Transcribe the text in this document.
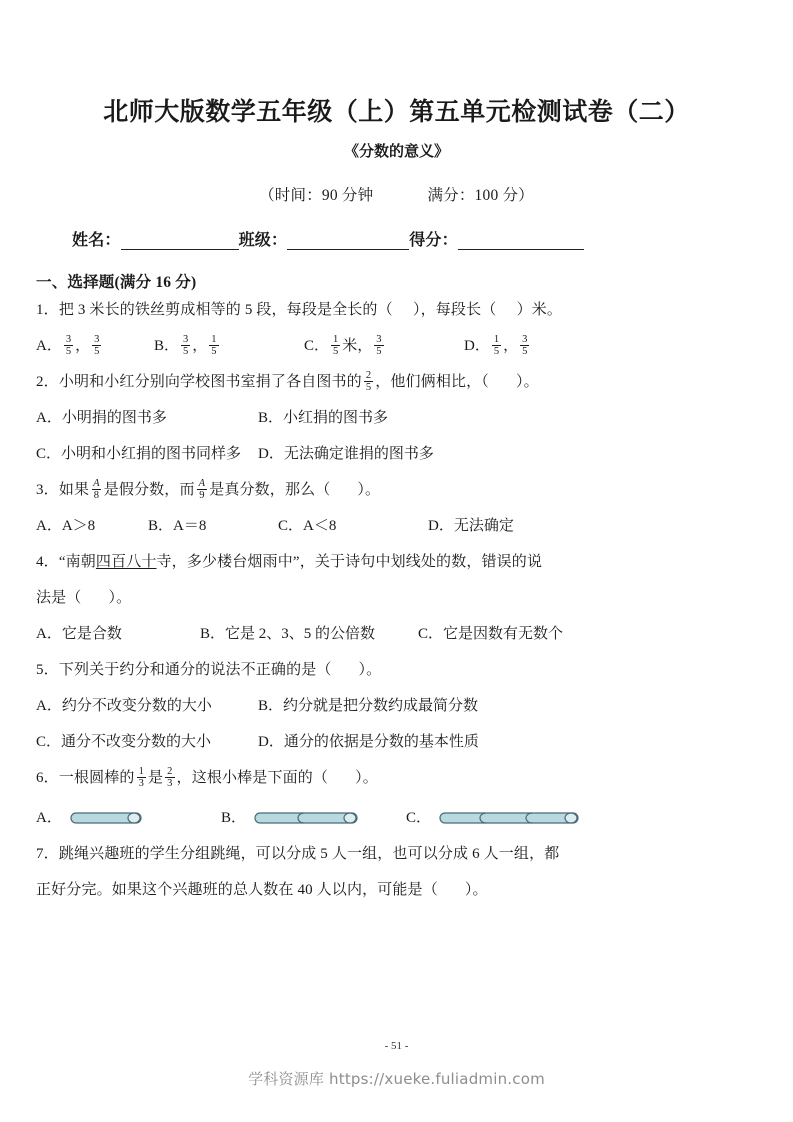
北师大版数学五年级（上）第五单元检测试卷（二）
《分数的意义》
（时间：90 分钟	满分：100 分）
姓名：	班级：	得分：
一、选择题(满分 16 分)
1．把 3 米长的铁丝剪成相等的 5 段，每段是全长的（ ），每段长（ ）米。
A． $\frac{3}{5}$ ， $\frac{3}{5}$	B． $\frac{3}{5}$ ， $\frac{1}{5}$	C． $\frac{1}{5}$ 米， $\frac{3}{5}$	D． $\frac{1}{5}$ ， $\frac{3}{5}$
2．小明和小红分别向学校图书室捐了各自图书的 $\frac{2}{5}$ ，他们俩相比，（ ）。
A．小明捐的图书多	B．小红捐的图书多
C．小明和小红捐的图书同样多	D．无法确定谁捐的图书多
3．如果 $\frac{A}{8}$ 是假分数，而 $\frac{A}{9}$ 是真分数，那么（ ）。
A．A＞8	B．A＝8	C．A＜8	D．无法确定
4．“南朝四百八十寺，多少楼台烟雨中”，关于诗句中划线处的数，错误的说
法是（ ）。
A．它是合数	B．它是 2、3、5 的公倍数	C．它是因数有无数个
5．下列关于约分和通分的说法不正确的是（ ）。
A．约分不改变分数的大小	B．约分就是把分数约成最简分数
C．通分不改变分数的大小	D．通分的依据是分数的基本性质
6．一根圆棒的 $\frac{1}{3}$ 是 $\frac{2}{3}$ ，这根小棒是下面的（ ）。
A．	B．	C．
7．跳绳兴趣班的学生分组跳绳，可以分成 5 人一组，也可以分成 6 人一组，都
正好分完。如果这个兴趣班的总人数在 40 人以内，可能是（ ）。
- 51 -
学科资源库 https://xueke.fuliadmin.com
